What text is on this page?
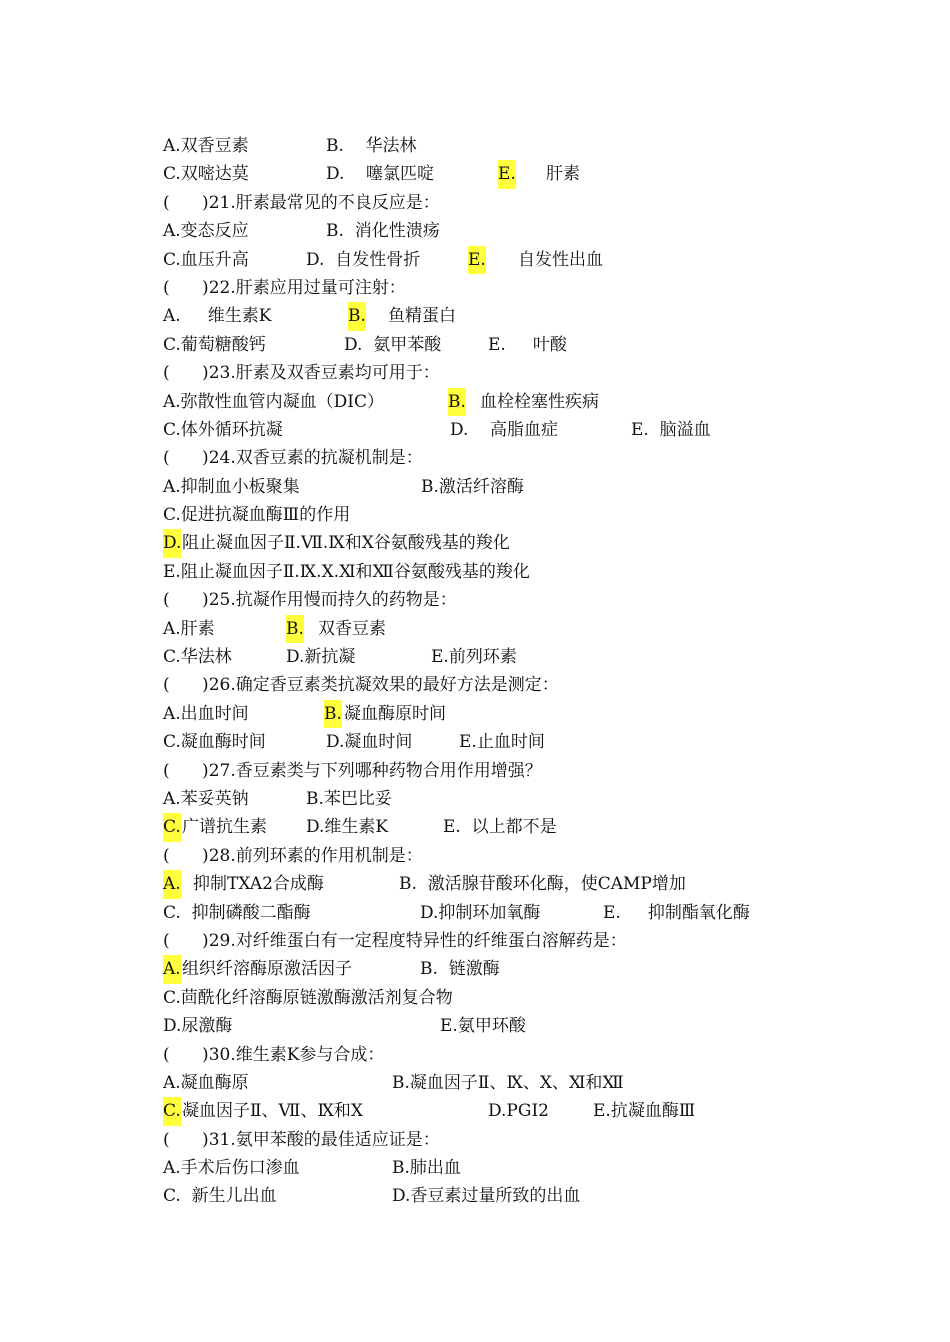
A.双香豆素	B.    华法林
C.双嘧达莫	D.    噻氯匹啶	E. 肝素
(      )21.肝素最常见的不良反应是：
A.变态反应	B.  消化性溃疡
C.血压升高	D.  自发性骨折	E. 自发性出血
(      )22.肝素应用过量可注射：
A.     维生素K	B. 鱼精蛋白
C.葡萄糖酸钙	D.  氨甲苯酸	E.     叶酸
(      )23.肝素及双香豆素均可用于：
A.弥散性血管内凝血（DIC）	B. 血栓栓塞性疾病
C.体外循环抗凝	D.    高脂血症	E.  脑溢血
(      )24.双香豆素的抗凝机制是：
A.抑制血小板聚集	B.激活纤溶酶
C.促进抗凝血酶Ⅲ的作用
D. 阻止凝血因子Ⅱ.Ⅶ.Ⅸ和Ⅹ谷氨酸残基的羧化
E.阻止凝血因子Ⅱ.Ⅸ.Ⅹ.Ⅺ和Ⅻ谷氨酸残基的羧化
(      )25.抗凝作用慢而持久的药物是：
A.肝素	B. 双香豆素
C.华法林	D.新抗凝	E.前列环素
(      )26.确定香豆素类抗凝效果的最好方法是测定：
A.出血时间	B. 凝血酶原时间
C.凝血酶时间	D.凝血时间	E.止血时间
(      )27.香豆素类与下列哪种药物合用作用增强？
A.苯妥英钠	B.苯巴比妥
C. 广谱抗生素 D.维生素K	E.  以上都不是
(      )28.前列环素的作用机制是：
A. 抑制TXA2合成酶	B.  激活腺苷酸环化酶，使CAMP增加
C.  抑制磷酸二酯酶	D.抑制环加氧酶	E.     抑制酯氧化酶
(      )29.对纤维蛋白有一定程度特异性的纤维蛋白溶解药是：
A. 组织纤溶酶原激活因子	B.  链激酶
C.茴酰化纤溶酶原链激酶激活剂复合物
D.尿激酶	E.氨甲环酸
(      )30.维生素K参与合成：
A.凝血酶原	B.凝血因子Ⅱ、Ⅸ、Ⅹ、Ⅺ和Ⅻ
C. 凝血因子Ⅱ、Ⅶ、Ⅸ和Ⅹ	D.PGI2	E.抗凝血酶Ⅲ
(      )31.氨甲苯酸的最佳适应证是：
A.手术后伤口渗血	B.肺出血
C.  新生儿出血	D.香豆素过量所致的出血
